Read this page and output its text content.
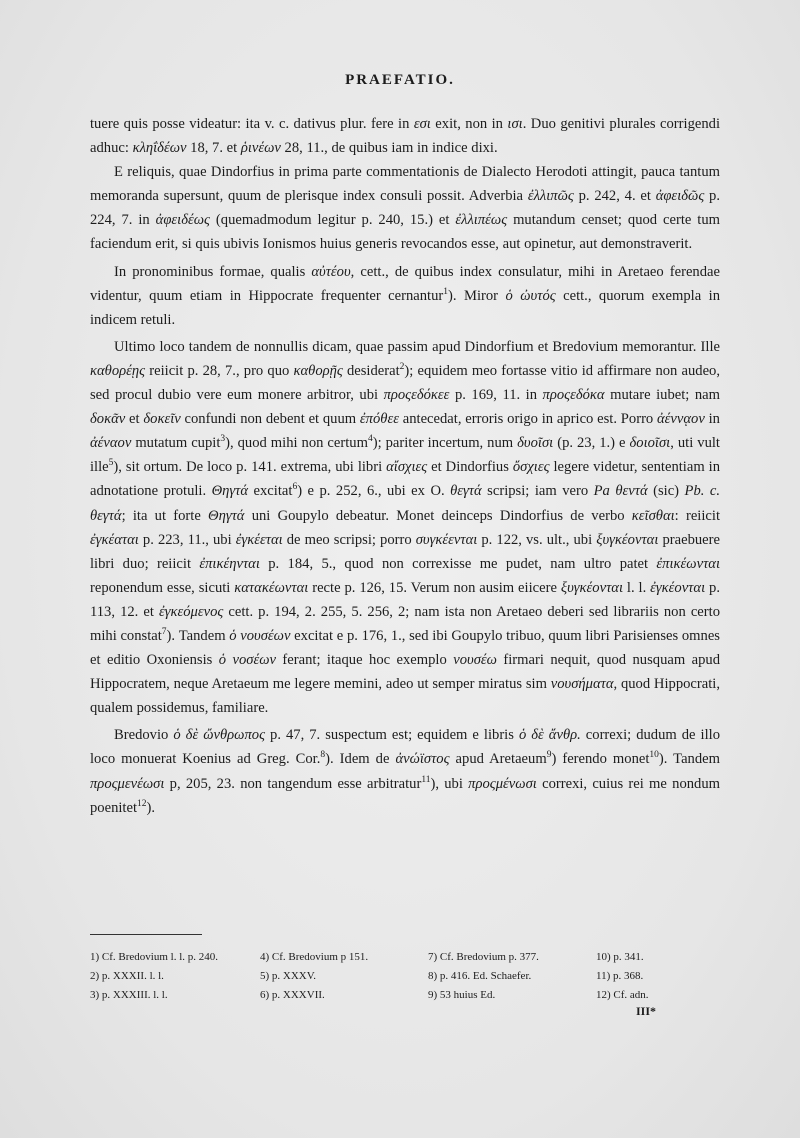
PRAEFATIO.

tuere quis posse videatur: ita v. c. dativus plur. fere in εσι exit, non in ισι. Duo genitivi plurales corrigendi adhuc: κληΐδέων 18, 7. et ῥινέων 28, 11., de quibus iam in indice dixi.

E reliquis, quae Dindorfius in prima parte commentationis de Dialecto Herodoti attingit, pauca tantum memoranda supersunt, quum de plerisque index consuli possit. Adverbia ἐλλιπῶς p. 242, 4. et ἀφειδῶς p. 224, 7. in ἀφειδέως (quemadmodum legitur p. 240, 15.) et ἐλλιπέως mutandum censet; quod certe tum faciendum erit, si quis ubivis Ionismos huius generis revocandos esse, aut opinetur, aut demonstraverit.

In pronominibus formae, qualis αὐτέου, cett., de quibus index consulatur, mihi in Aretaeo ferendae videntur, quum etiam in Hippocrate frequenter cernantur$^1$). Miror ὁ ὠυτός cett., quorum exempla in indicem retuli.

Ultimo loco tandem de nonnullis dicam, quae passim apud Dindorfium et Bredovium memorantur. Ille καθορέῃς reiicit p. 28, 7., pro quo καθορῇς desiderat$^2$); equidem meo fortasse vitio id affirmare non audeo, sed procul dubio vere eum monere arbitror, ubi προςεδόκεε p. 169, 11. in προςεδόκα mutare iubet; nam δοκᾶν et δοκεῖν confundi non debent et quum ἐπόθεε antecedat, erroris origo in aprico est. Porro ἀέννᾳον in ἀέναον mutatum cupit$^3$), quod mihi non certum$^4$); pariter incertum, num δυοῖσι (p. 23, 1.) e δοιοῖσι, uti vult ille$^5$), sit ortum. De loco p. 141. extrema, ubi libri αἴσχιες et Dindorfius ὄσχιες legere videtur, sententiam in adnotatione protuli. Θηγτά excitat$^6$) e p. 252, 6., ubi ex O. θεγτά scripsi; iam vero Pa θεντά (sic) Pb. c. θεγτά; ita ut forte Θηγτά uni Goupylo debeatur. Monet deinceps Dindorfius de verbo κεῖσθαι: reiicit ἐγκέαται p. 223, 11., ubi ἐγκέεται de meo scripsi; porro συγκέενται p. 122, vs. ult., ubi ξυγκέονται praebuere libri duo; reiicit ἐπικέηνται p. 184, 5., quod non correxisse me pudet, nam ultro patet ἐπικέωνται reponendum esse, sicuti κατακέωνται recte p. 126, 15. Verum non ausim eiicere ξυγκέονται l. l. ἐγκέονται p. 113, 12. et ἐγκεόμενος cett. p. 194, 2. 255, 5. 256, 2; nam ista non Aretaeo deberi sed librariis non certo mihi constat$^7$). Tandem ὁ νουσέων excitat e p. 176, 1., sed ibi Goupylo tribuo, quum libri Parisienses omnes et editio Oxoniensis ὁ νοσέων ferant; itaque hoc exemplo νουσέω firmari nequit, quod nusquam apud Hippocratem, neque Aretaeum me legere memini, adeo ut semper miratus sim νουσήματα, quod Hippocrati, qualem possidemus, familiare.

Bredovio ὁ δὲ ὤνθρωπος p. 47, 7. suspectum est; equidem e libris ὁ δὲ ἄνθρ. correxi; dudum de illo loco monuerat Koenius ad Greg. Cor.$^8$). Idem de ἀνώϊστος apud Aretaeum$^9$) ferendo monet$^{10}$). Tandem προςμενέωσι p, 205, 23. non tangendum esse arbitratur$^{11}$), ubi προςμένωσι correxi, cuius rei me nondum poenitet$^{12}$).

1) Cf. Bredovium l. l. p. 240.	4) Cf. Bredovium p 151.	7) Cf. Bredovium p. 377.	10) p. 341.
2) p. XXXII. l. l.	5) p. XXXV.	8) p. 416. Ed. Schaefer.	11) p. 368.
3) p. XXXIII. l. l.	6) p. XXXVII.	9) 53 huius Ed.	12) Cf. adn.
III*
